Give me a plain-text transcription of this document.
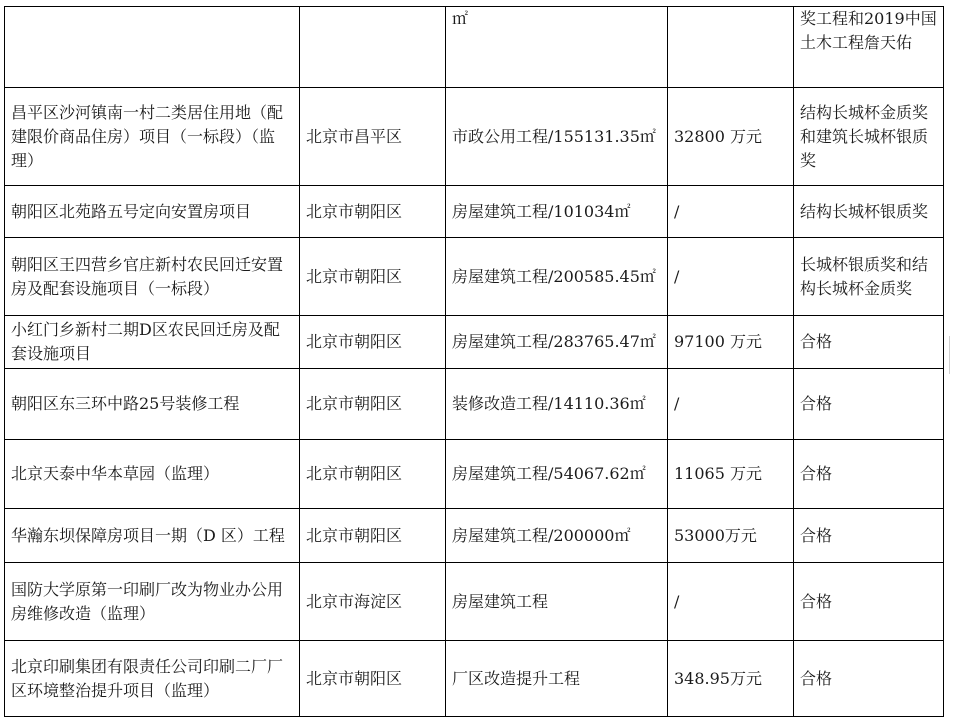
		㎡		奖工程和2019中国土木工程詹天佑
昌平区沙河镇南一村二类居住用地（配建限价商品住房）项目（一标段）（监理）	北京市昌平区	市政公用工程/155131.35㎡	32800 万元	结构长城杯金质奖和建筑长城杯银质奖
朝阳区北苑路五号定向安置房项目	北京市朝阳区	房屋建筑工程/101034㎡	/	结构长城杯银质奖
朝阳区王四营乡官庄新村农民回迁安置房及配套设施项目（一标段）	北京市朝阳区	房屋建筑工程/200585.45㎡	/	长城杯银质奖和结构长城杯金质奖
小红门乡新村二期D区农民回迁房及配套设施项目	北京市朝阳区	房屋建筑工程/283765.47㎡	97100 万元	合格
朝阳区东三环中路25号装修工程	北京市朝阳区	装修改造工程/14110.36㎡	/	合格
北京天泰中华本草园（监理）	北京市朝阳区	房屋建筑工程/54067.62㎡	11065 万元	合格
华瀚东坝保障房项目一期（D 区）工程	北京市朝阳区	房屋建筑工程/200000㎡	53000万元	合格
国防大学原第一印刷厂改为物业办公用房维修改造（监理）	北京市海淀区	房屋建筑工程	/	合格
北京印刷集团有限责任公司印刷二厂厂区环境整治提升项目（监理）	北京市朝阳区	厂区改造提升工程	348.95万元	合格
